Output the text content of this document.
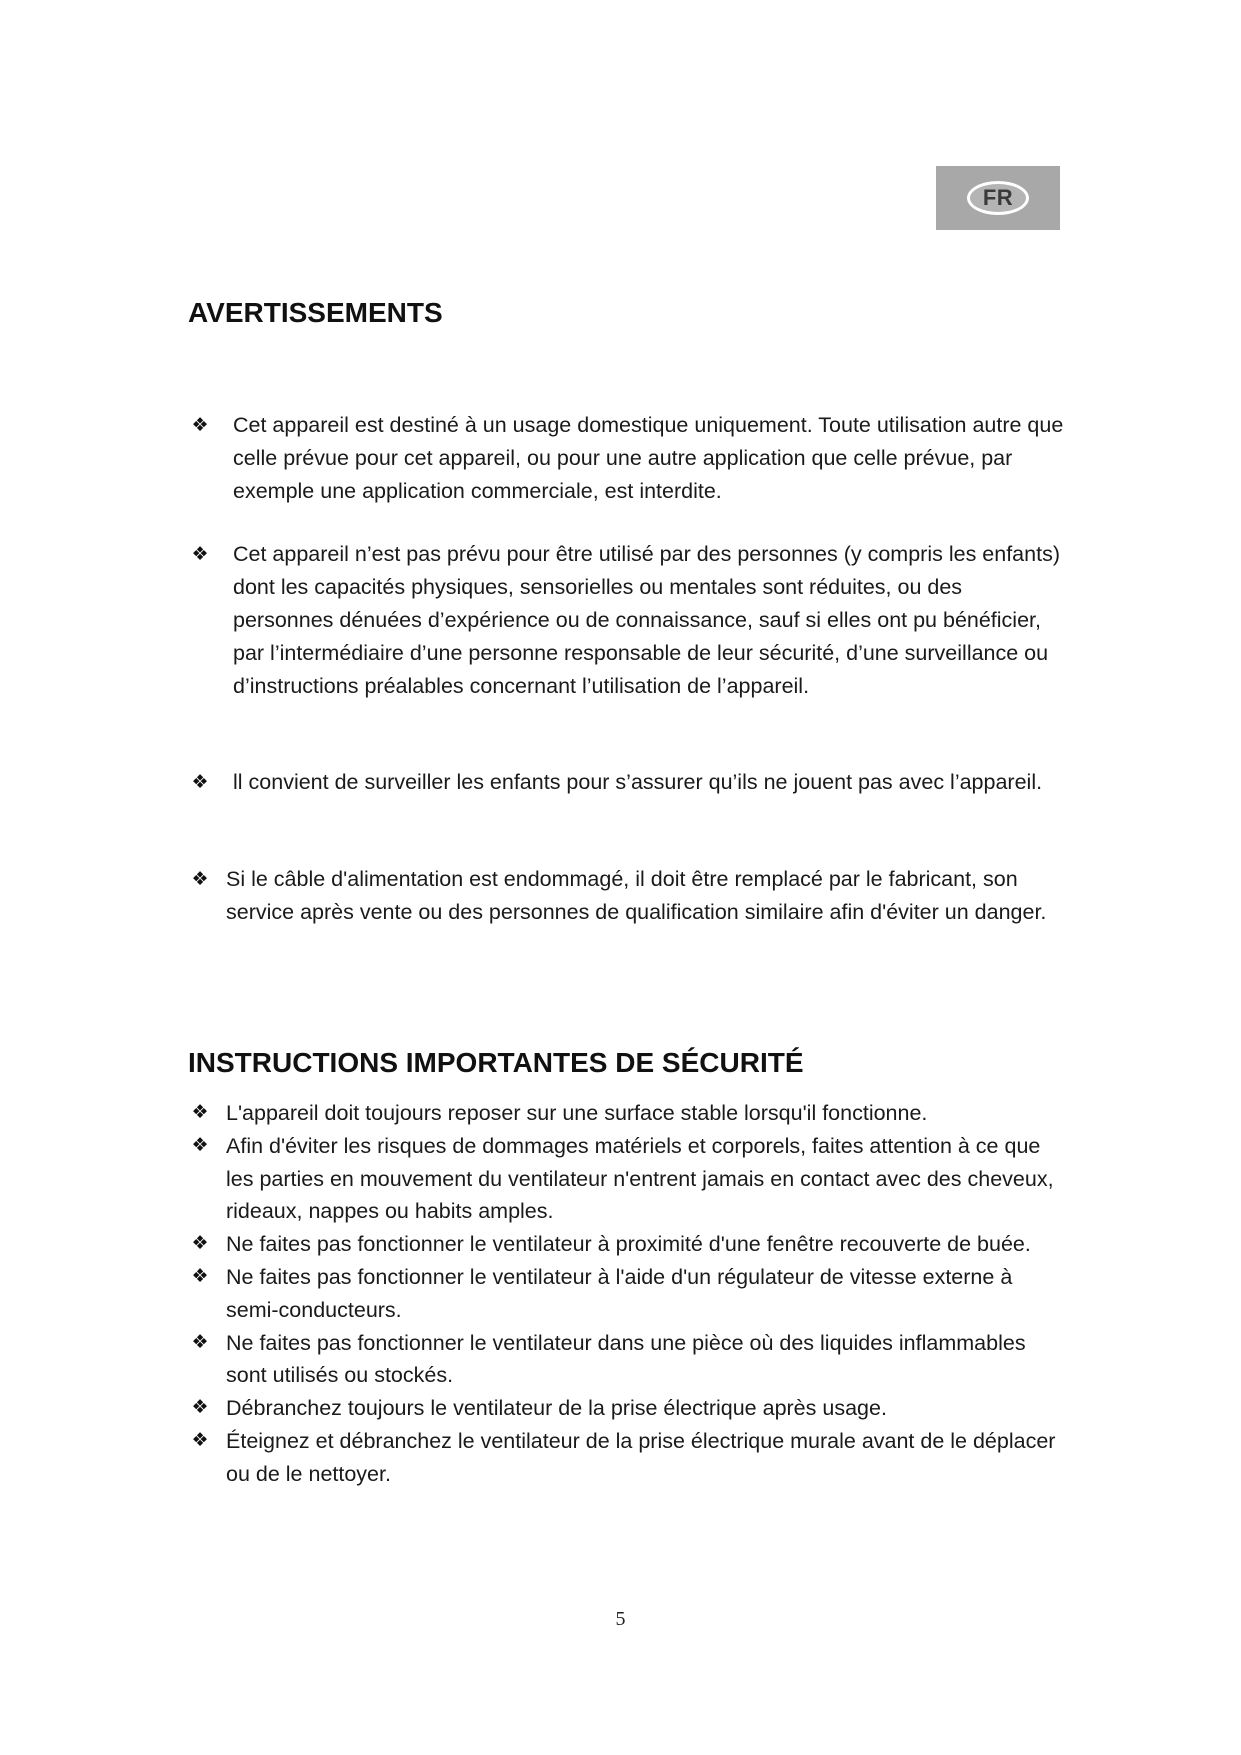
FR
AVERTISSEMENTS
❖ Cet appareil est destiné à un usage domestique uniquement. Toute utilisation autre que celle prévue pour cet appareil, ou pour une autre application que celle prévue, par exemple une application commerciale, est interdite.
❖ Cet appareil n’est pas prévu pour être utilisé par des personnes (y compris les enfants) dont les capacités physiques, sensorielles ou mentales sont réduites, ou des personnes dénuées d’expérience ou de connaissance, sauf si elles ont pu bénéficier, par l’intermédiaire d’une personne responsable de leur sécurité, d’une surveillance ou d’instructions préalables concernant l’utilisation de l’appareil.
❖ ll convient de surveiller les enfants pour s’assurer qu’ils ne jouent pas avec l’appareil.
❖ Si le câble d'alimentation est endommagé, il doit être remplacé par le fabricant, son service après vente ou des personnes de qualification similaire afin d'éviter un danger.
INSTRUCTIONS IMPORTANTES DE SÉCURITÉ
❖ L'appareil doit toujours reposer sur une surface stable lorsqu'il fonctionne.
❖ Afin d'éviter les risques de dommages matériels et corporels, faites attention à ce que les parties en mouvement du ventilateur n'entrent jamais en contact avec des cheveux, rideaux, nappes ou habits amples.
❖ Ne faites pas fonctionner le ventilateur à proximité d'une fenêtre recouverte de buée.
❖ Ne faites pas fonctionner le ventilateur à l'aide d'un régulateur de vitesse externe à semi-conducteurs.
❖ Ne faites pas fonctionner le ventilateur dans une pièce où des liquides inflammables sont utilisés ou stockés.
❖ Débranchez toujours le ventilateur de la prise électrique après usage.
❖ Éteignez et débranchez le ventilateur de la prise électrique murale avant de le déplacer ou de le nettoyer.
5
